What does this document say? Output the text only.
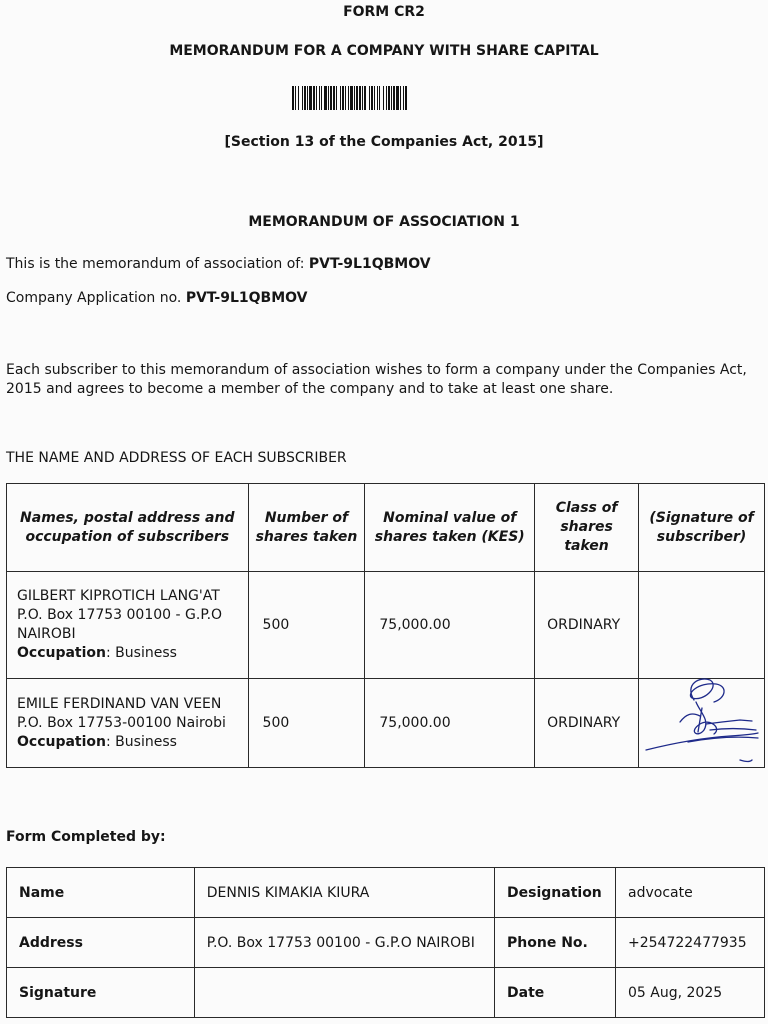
FORM CR2
MEMORANDUM FOR A COMPANY WITH SHARE CAPITAL
[Section 13 of the Companies Act, 2015]
MEMORANDUM OF ASSOCIATION 1
This is the memorandum of association of: PVT-9L1QBMOV
Company Application no. PVT-9L1QBMOV
Each subscriber to this memorandum of association wishes to form a company under the Companies Act, 2015 and agrees to become a member of the company and to take at least one share.
THE NAME AND ADDRESS OF EACH SUBSCRIBER
Names, postal address and occupation of subscribers	Number of shares taken	Nominal value of shares taken (KES)	Class of shares taken	(Signature of subscriber)

GILBERT KIPROTICH LANG'AT
P.O. Box 17753 00100 - G.P.O
NAIROBI
Occupation: Business	500	75,000.00	ORDINARY	

EMILE FERDINAND VAN VEEN
P.O. Box 17753-00100 Nairobi
Occupation: Business	500	75,000.00	ORDINARY	
Form Completed by:
Name	DENNIS KIMAKIA KIURA	Designation	advocate
Address	P.O. Box 17753 00100 - G.P.O NAIROBI	Phone No.	+254722477935
Signature		Date	05 Aug, 2025
